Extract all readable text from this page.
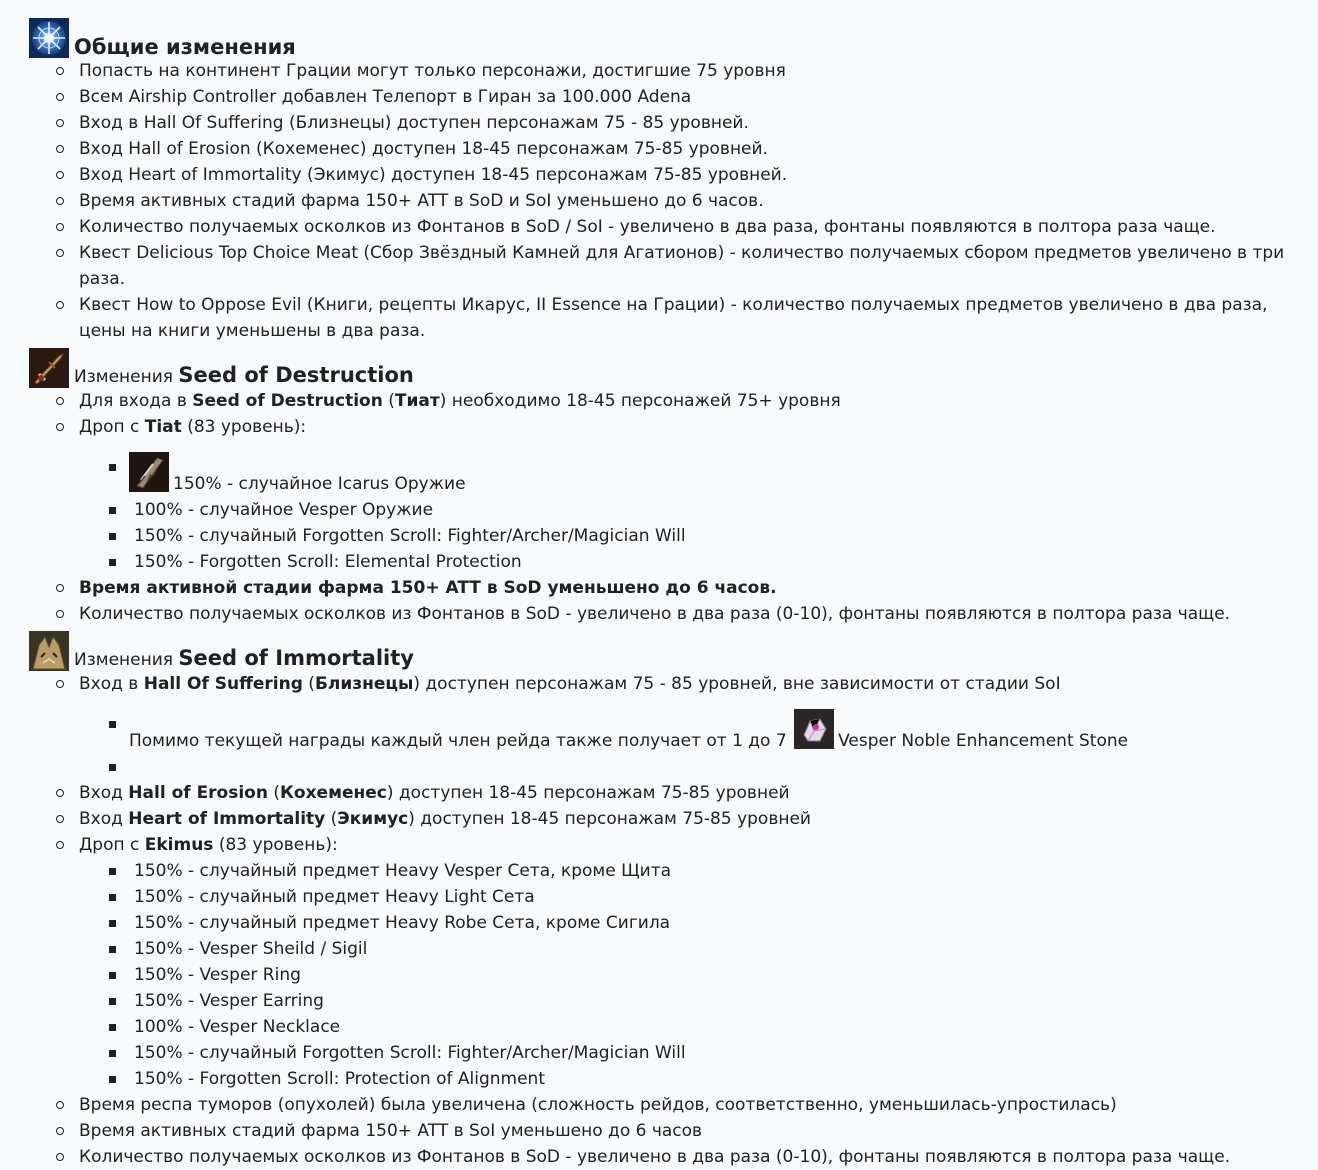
Общие изменения
Попасть на континент Грации могут только персонажи, достигшие 75 уровня
Всем Airship Controller добавлен Телепорт в Гиран за 100.000 Adena
Вход в Hall Of Suffering (Близнецы) доступен персонажам 75 - 85 уровней.
Вход Hall of Erosion (Кохеменес) доступен 18-45 персонажам 75-85 уровней.
Вход Heart of Immortality (Экимус) доступен 18-45 персонажам 75-85 уровней.
Время активных стадий фарма 150+ ATT в SoD и SoI уменьшено до 6 часов.
Количество получаемых осколков из Фонтанов в SoD / SoI - увеличено в два раза, фонтаны появляются в полтора раза чаще.
Квест Delicious Top Choice Meat (Сбор Звёздный Камней для Агатионов) - количество получаемых сбором предметов увеличено в три раза.
Квест How to Oppose Evil (Книги, рецепты Икарус, II Essence на Грации) - количество получаемых предметов увеличено в два раза, цены на книги уменьшены в два раза.
Изменения Seed of Destruction
Для входа в Seed of Destruction (Тиат) необходимо 18-45 персонажей 75+ уровня
Дроп с Tiat (83 уровень):
150% - случайное Icarus Оружие
100% - случайное Vesper Оружие
150% - случайный Forgotten Scroll: Fighter/Archer/Magician Will
150% - Forgotten Scroll: Elemental Protection
Время активной стадии фарма 150+ ATT в SoD уменьшено до 6 часов.
Количество получаемых осколков из Фонтанов в SoD - увеличено в два раза (0-10), фонтаны появляются в полтора раза чаще.
Изменения Seed of Immortality
Вход в Hall Of Suffering (Близнецы) доступен персонажам 75 - 85 уровней, вне зависимости от стадии SoI
Помимо текущей награды каждый член рейда также получает от 1 до 7	Vesper Noble Enhancement Stone
Вход Hall of Erosion (Кохеменес) доступен 18-45 персонажам 75-85 уровней
Вход Heart of Immortality (Экимус) доступен 18-45 персонажам 75-85 уровней
Дроп с Ekimus (83 уровень):
150% - случайный предмет Heavy Vesper Сета, кроме Щита
150% - случайный предмет Heavy Light Сета
150% - случайный предмет Heavy Robe Сета, кроме Сигила
150% - Vesper Sheild / Sigil
150% - Vesper Ring
150% - Vesper Earring
100% - Vesper Necklace
150% - случайный Forgotten Scroll: Fighter/Archer/Magician Will
150% - Forgotten Scroll: Protection of Alignment
Время респа туморов (опухолей) была увеличена (сложность рейдов, соответственно, уменьшилась-упростилась)
Время активных стадий фарма 150+ ATT в SoI уменьшено до 6 часов
Количество получаемых осколков из Фонтанов в SoD - увеличено в два раза (0-10), фонтаны появляются в полтора раза чаще.
